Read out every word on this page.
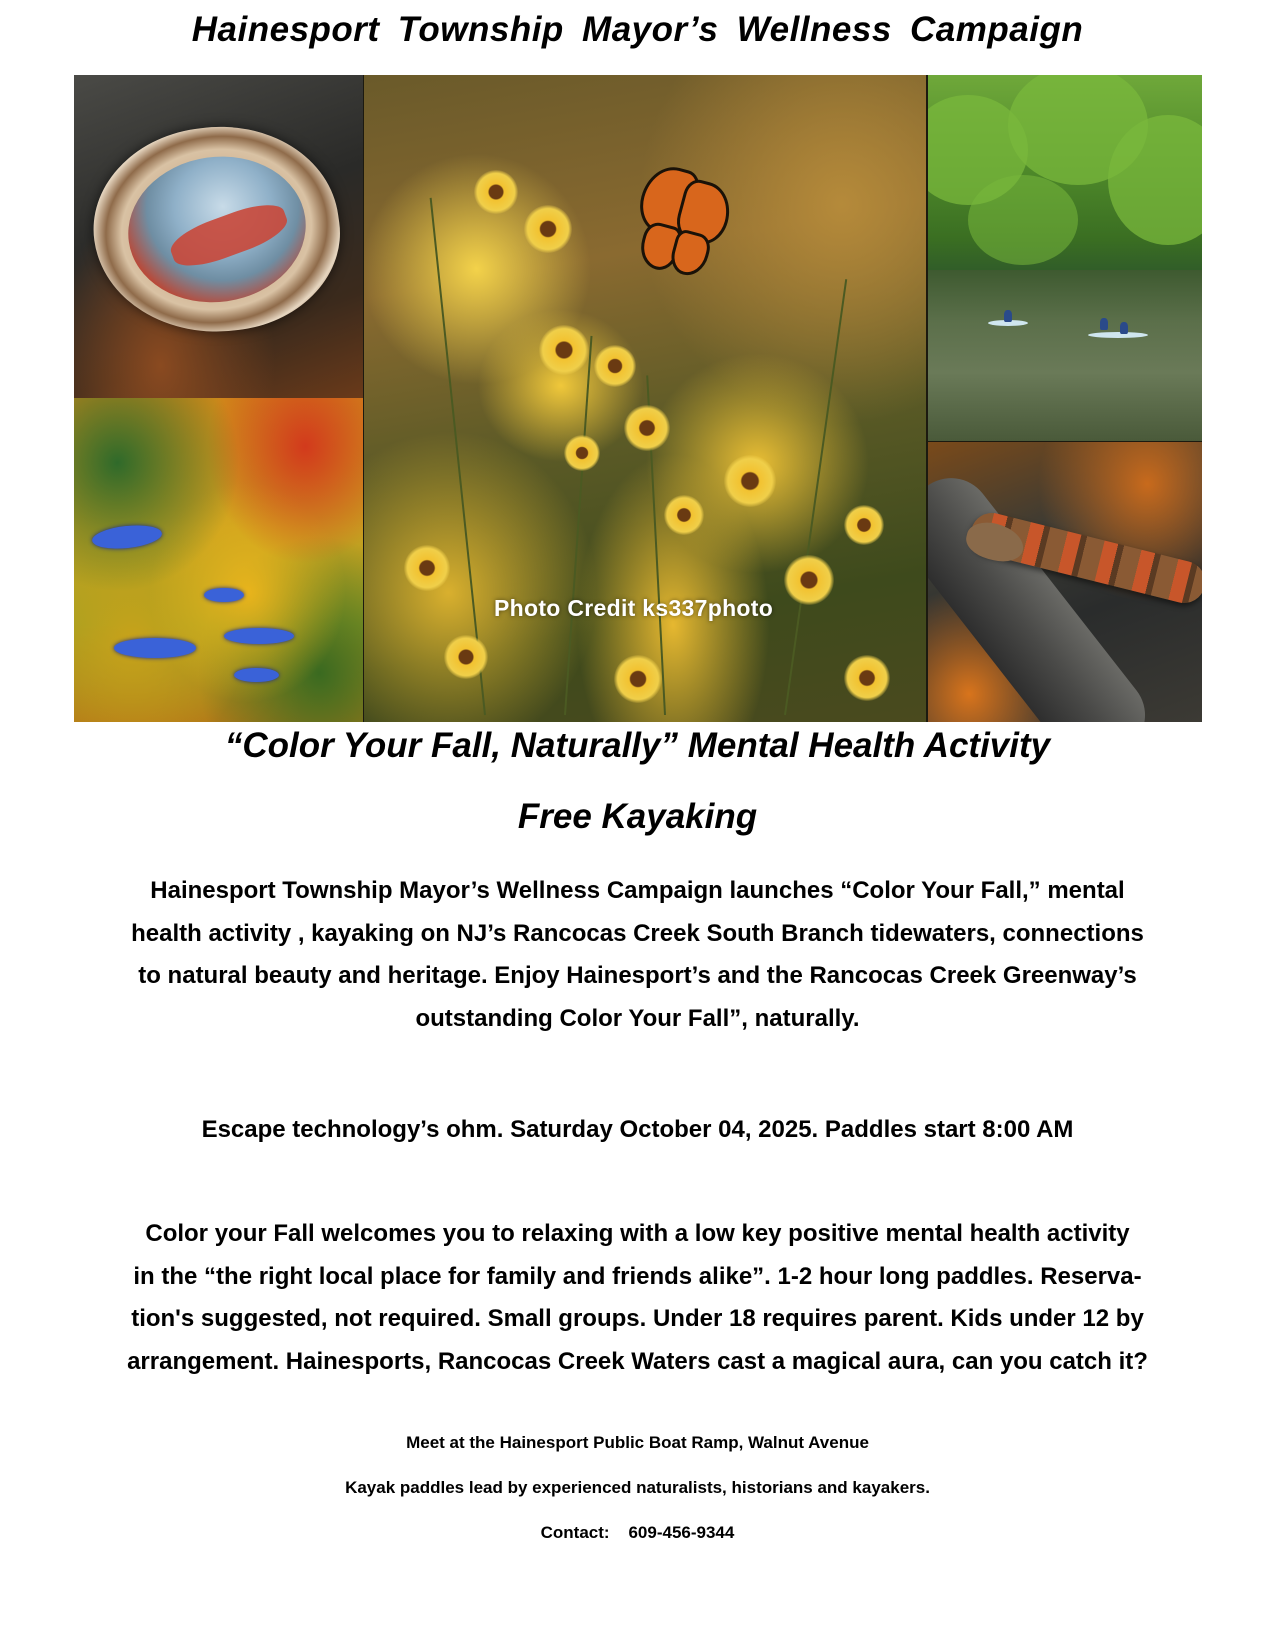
Hainesport Township Mayor’s Wellness Campaign
Photo Credit ks337photo
“Color Your Fall, Naturally” Mental Health Activity
Free Kayaking
Hainesport Township Mayor’s Wellness Campaign launches “Color Your Fall,” mental
health activity , kayaking on NJ’s Rancocas Creek South Branch tidewaters, connections
to natural beauty and heritage. Enjoy Hainesport’s and the Rancocas Creek Greenway’s
outstanding Color Your Fall”, naturally.
Escape technology’s ohm. Saturday October 04, 2025. Paddles start 8:00 AM
Color your Fall welcomes you to relaxing with a low key positive mental health activity
in the “the right local place for family and friends alike”. 1-2 hour long paddles. Reserva-
tion's suggested, not required. Small groups. Under 18 requires parent. Kids under 12 by
arrangement. Hainesports, Rancocas Creek Waters cast a magical aura, can you catch it?
Meet at the Hainesport Public Boat Ramp, Walnut Avenue
Kayak paddles lead by experienced naturalists, historians and kayakers.
Contact:    609-456-9344
